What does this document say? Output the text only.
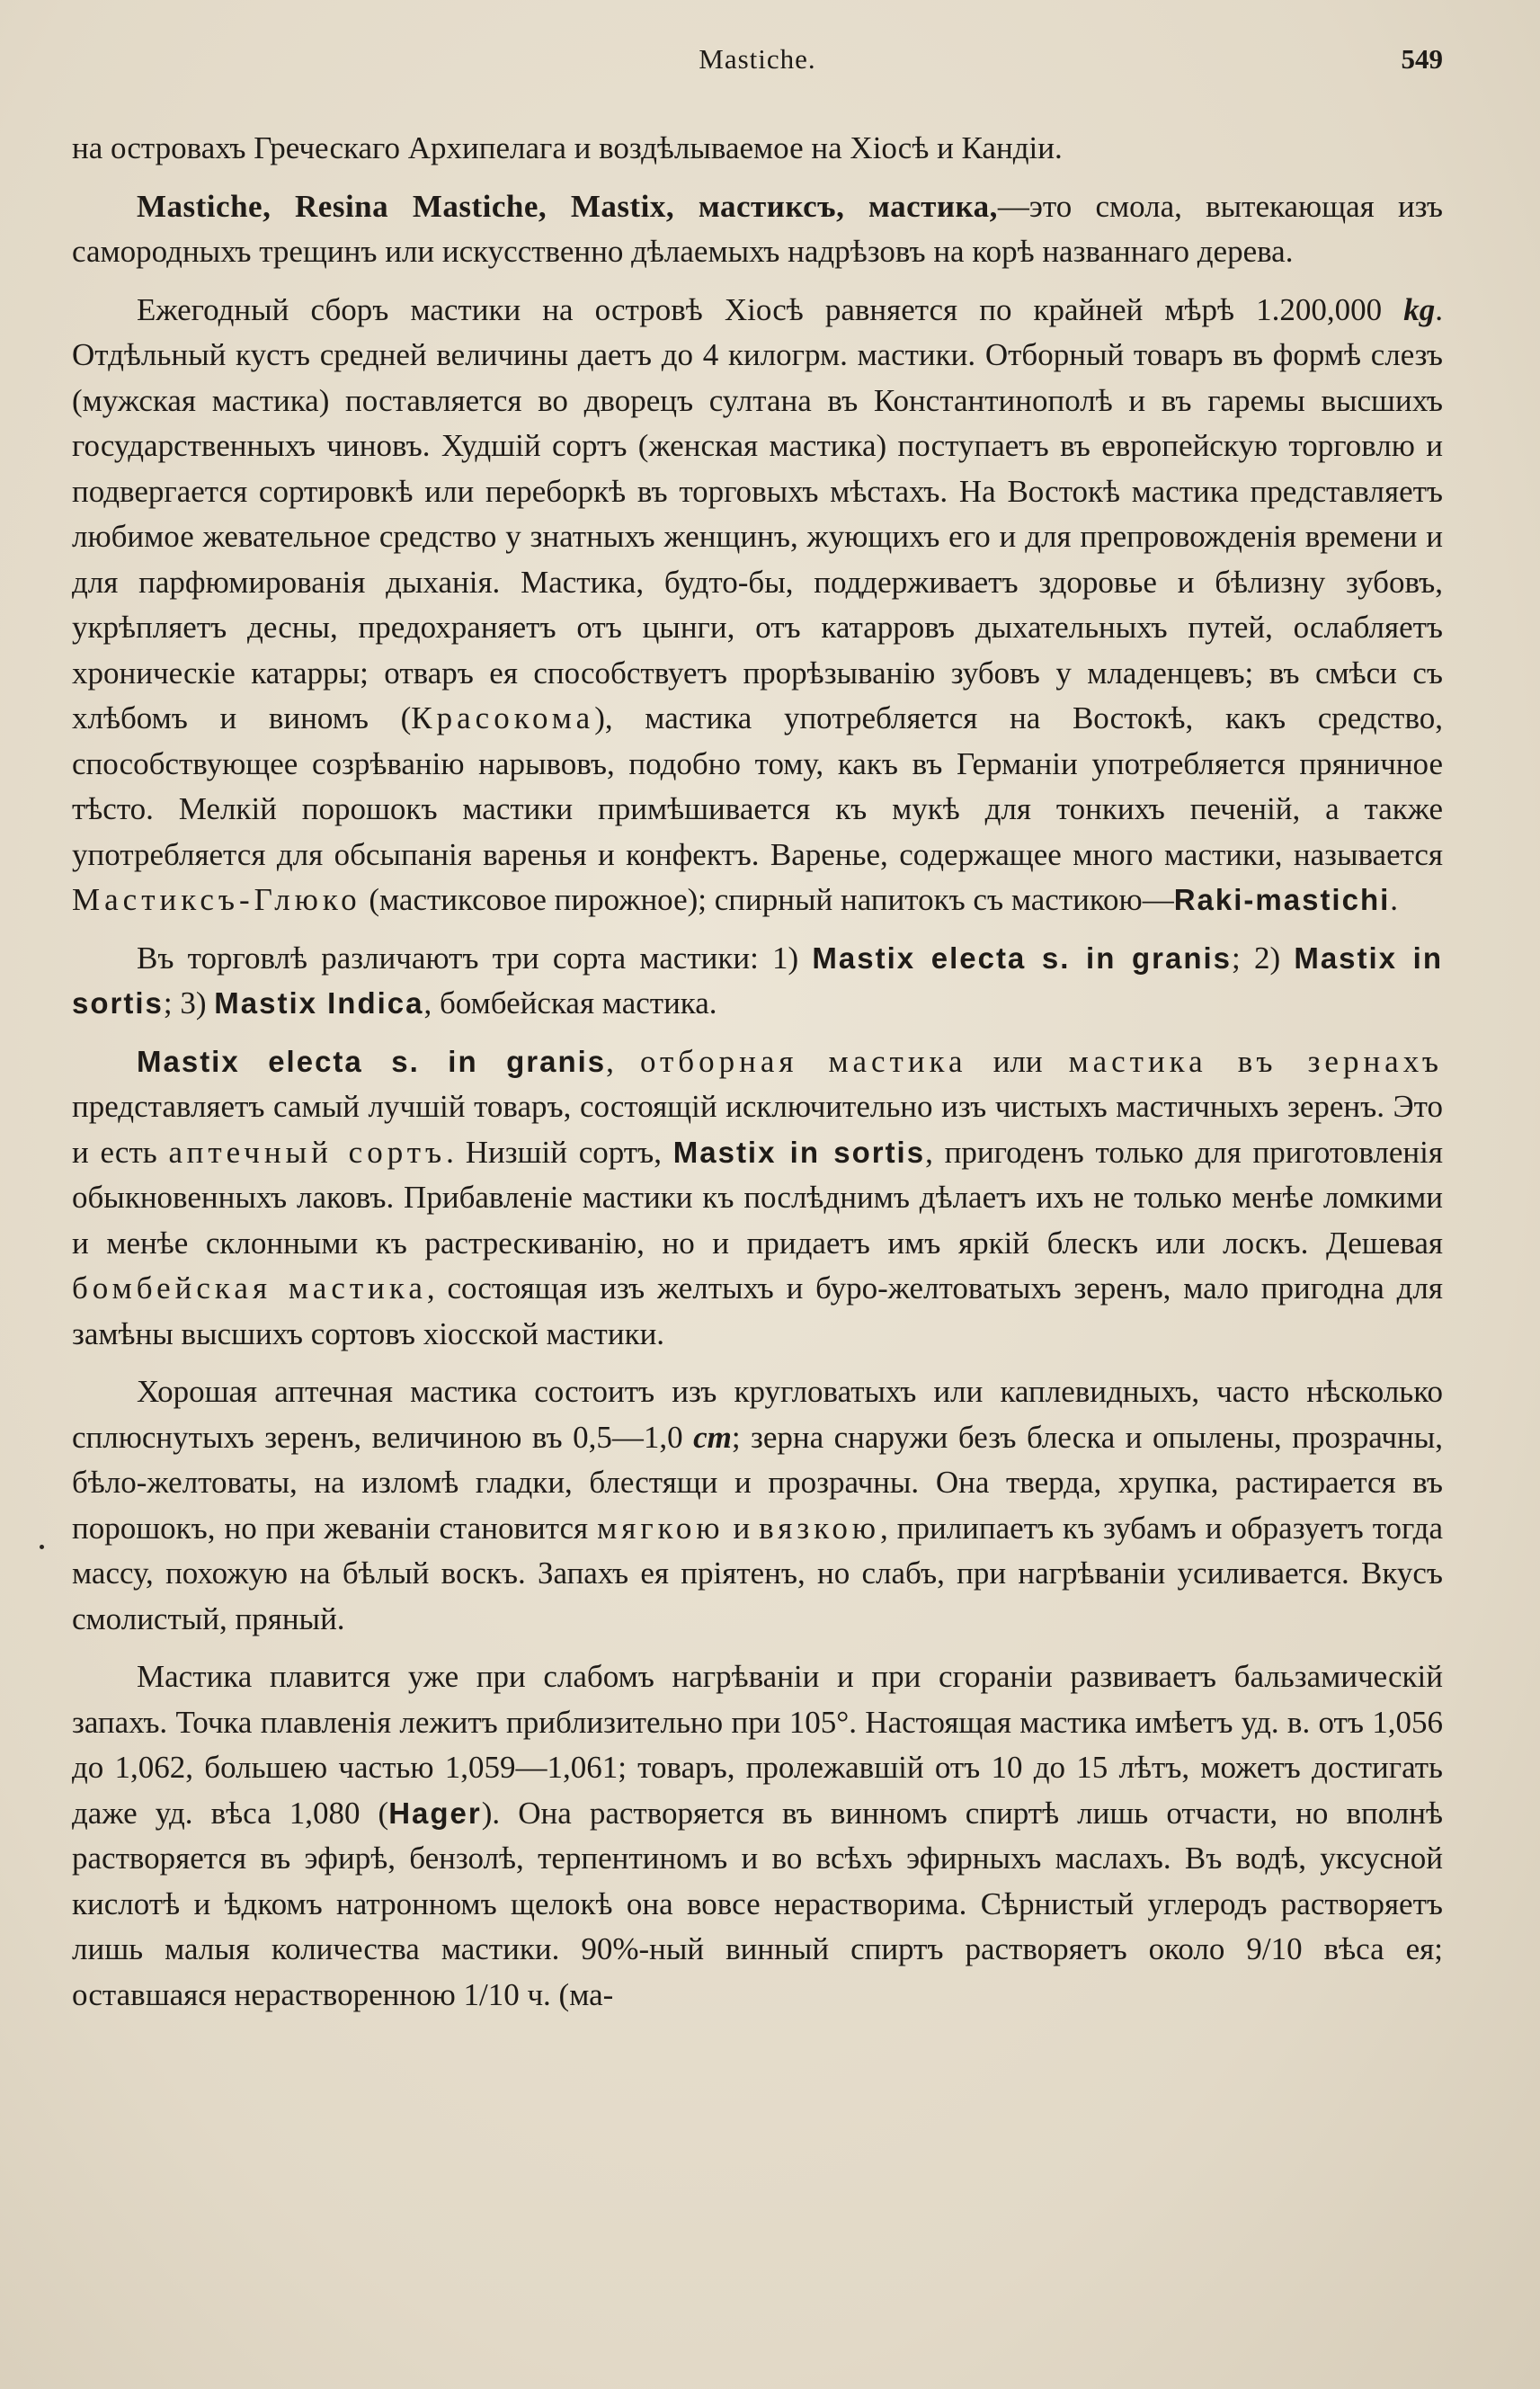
Mastiche.	549

на островахъ Греческаго Архипелага и воздѣлываемое на Хіосѣ и Кандіи.

Mastiche, Resina Mastiche, Mastix, мастиксъ, мастика,—это смола, вытекающая изъ самородныхъ трещинъ или искусственно дѣлаемыхъ надрѣзовъ на корѣ названнаго дерева.

Ежегодный сборъ мастики на островѣ Хіосѣ равняется по крайней мѣрѣ 1.200,000 kg. Отдѣльный кустъ средней величины даетъ до 4 килогрм. мастики. Отборный товаръ въ формѣ слезъ (мужская мастика) поставляется во дворецъ султана въ Константинополѣ и въ гаремы высшихъ государственныхъ чиновъ. Худшій сортъ (женская мастика) поступаетъ въ европейскую торговлю и подвергается сортировкѣ или переборкѣ въ торговыхъ мѣстахъ. На Востокѣ мастика представляетъ любимое жевательное средство у знатныхъ женщинъ, жующихъ его и для препровожденія времени и для парфюмированія дыханія. Мастика, будто-бы, поддерживаетъ здоровье и бѣлизну зубовъ, укрѣпляетъ десны, предохраняетъ отъ цынги, отъ катарровъ дыхательныхъ путей, ослабляетъ хроническіе катарры; отваръ ея способствуетъ прорѣзыванію зубовъ у младенцевъ; въ смѣси съ хлѣбомъ и виномъ (Красокома), мастика употребляется на Востокѣ, какъ средство, способствующее созрѣванію нарывовъ, подобно тому, какъ въ Германіи употребляется пряничное тѣсто. Мелкій порошокъ мастики примѣшивается къ мукѣ для тонкихъ печеній, а также употребляется для обсыпанія варенья и конфектъ. Варенье, содержащее много мастики, называется Мастиксъ-Глюко (мастиксовое пирожное); спирный напитокъ съ мастикою—Raki-mastichi.

Въ торговлѣ различаютъ три сорта мастики: 1) Mastix electa s. in granis; 2) Mastix in sortis; 3) Mastix Indica, бомбейская мастика.

Mastix electa s. in granis, отборная мастика или мастика въ зернахъ представляетъ самый лучшій товаръ, состоящій исключительно изъ чистыхъ мастичныхъ зеренъ. Это и есть аптечный сортъ. Низшій сортъ, Mastix in sortis, пригоденъ только для приготовленія обыкновенныхъ лаковъ. Прибавленіе мастики къ послѣднимъ дѣлаетъ ихъ не только менѣе ломкими и менѣе склонными къ растрескиванію, но и придаетъ имъ яркій блескъ или лоскъ. Дешевая бомбейская мастика, состоящая изъ желтыхъ и буро-желтоватыхъ зеренъ, мало пригодна для замѣны высшихъ сортовъ хіосской мастики.

Хорошая аптечная мастика состоитъ изъ кругловатыхъ или каплевидныхъ, часто нѣсколько сплюснутыхъ зеренъ, величиною въ 0,5—1,0 cm; зерна снаружи безъ блеска и опылены, прозрачны, бѣло-желтоваты, на изломѣ гладки, блестящи и прозрачны. Она тверда, хрупка, растирается въ порошокъ, но при жеваніи становится мягкою и вязкою, прилипаетъ къ зубамъ и образуетъ тогда массу, похожую на бѣлый воскъ. Запахъ ея пріятенъ, но слабъ, при нагрѣваніи усиливается. Вкусъ смолистый, пряный.

Мастика плавится уже при слабомъ нагрѣваніи и при сгораніи развиваетъ бальзамическій запахъ. Точка плавленія лежитъ приблизительно при 105°. Настоящая мастика имѣетъ уд. в. отъ 1,056 до 1,062, большею частью 1,059—1,061; товаръ, пролежавшій отъ 10 до 15 лѣтъ, можетъ достигать даже уд. вѣса 1,080 (Hager). Она растворяется въ винномъ спиртѣ лишь отчасти, но вполнѣ растворяется въ эфирѣ, бензолѣ, терпентиномъ и во всѣхъ эфирныхъ маслахъ. Въ водѣ, уксусной кислотѣ и ѣдкомъ натронномъ щелокѣ она вовсе нерастворима. Сѣрнистый углеродъ растворяетъ лишь малыя количества мастики. 90%-ный винный спиртъ растворяетъ около 9/10 вѣса ея; оставшаяся нерастворенною 1/10 ч. (ма-
